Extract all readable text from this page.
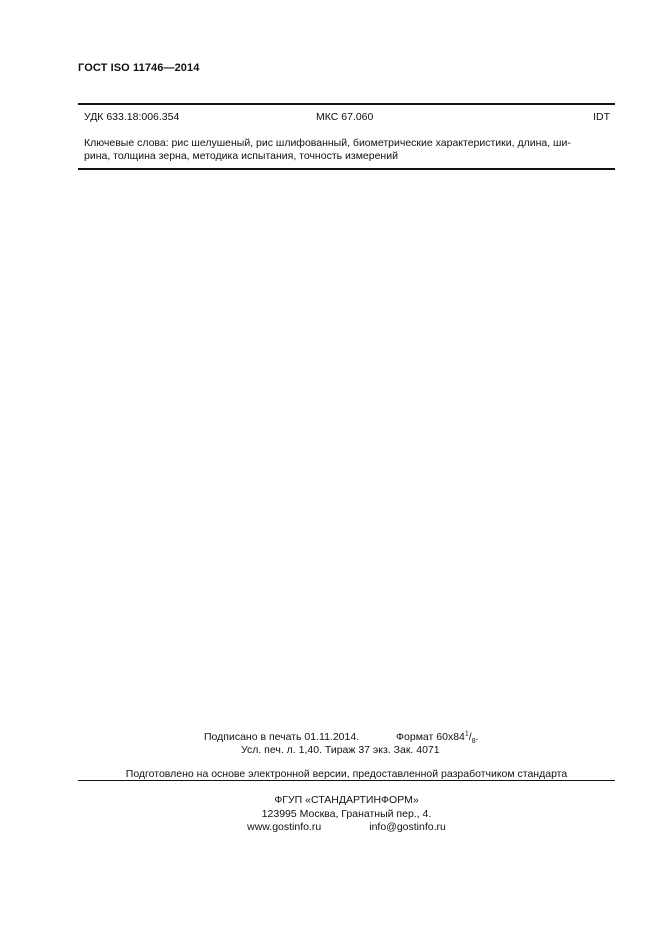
ГОСТ ISO 11746—2014
УДК 633.18:006.354	МКС 67.060	IDT
Ключевые слова: рис шелушеный, рис шлифованный, биометрические характеристики, длина, ши-
рина, толщина зерна, методика испытания, точность измерений
Подписано в печать 01.11.2014.	Формат $60х84^1/_8$.
Усл. печ. л. 1,40. Тираж 37 экз. Зак. 4071
Подготовлено на основе электронной версии, предоставленной разработчиком стандарта
ФГУП «СТАНДАРТИНФОРМ»
123995 Москва, Гранатный пер., 4.
www.gostinfo.ru	info@gostinfo.ru
